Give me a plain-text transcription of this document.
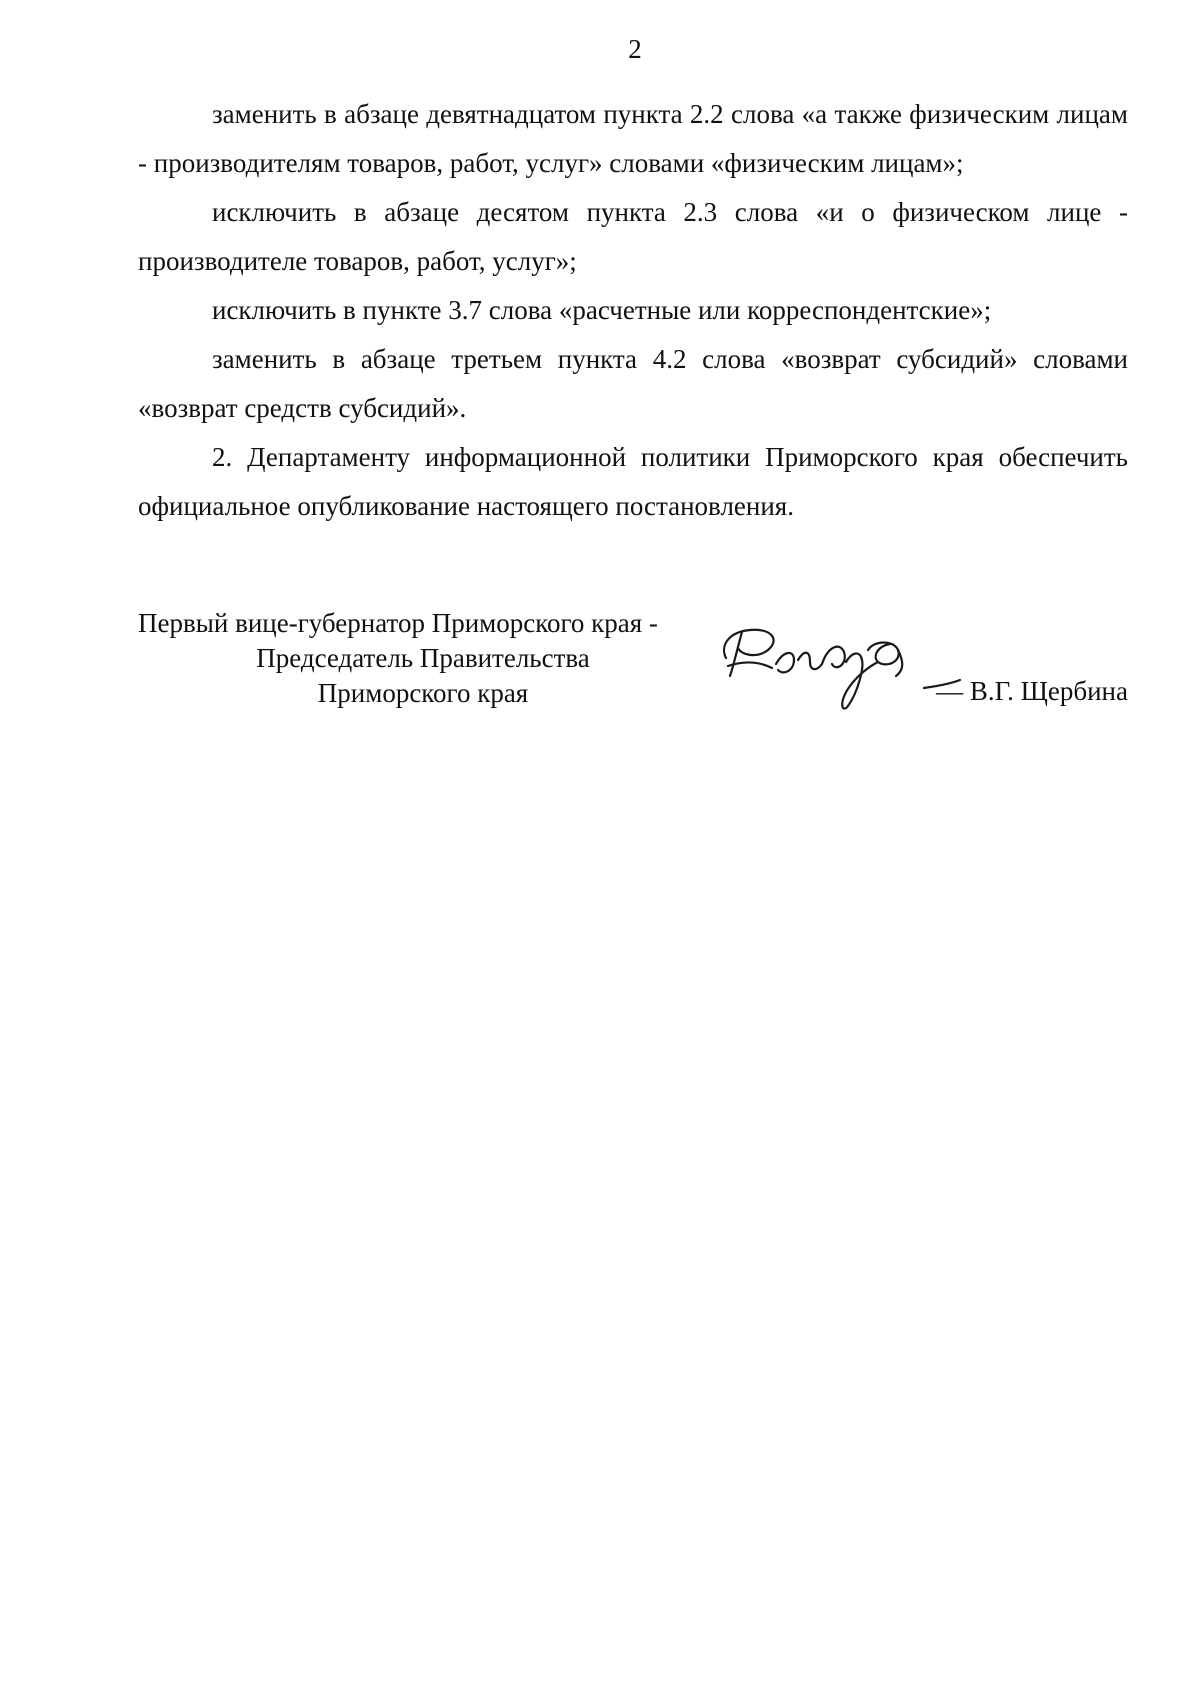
2

заменить в абзаце девятнадцатом пункта 2.2 слова «а также физическим лицам - производителям товаров, работ, услуг» словами «физическим лицам»;

исключить в абзаце десятом пункта 2.3 слова «и о физическом лице - производителе товаров, работ, услуг»;

исключить в пункте 3.7 слова «расчетные или корреспондентские»;

заменить в абзаце третьем пункта 4.2 слова «возврат субсидий» словами «возврат средств субсидий».

2. Департаменту информационной политики Приморского края обеспечить официальное опубликование настоящего постановления.

Первый вице-губернатор Приморского края -
Председатель Правительства
Приморского края	— В.Г. Щербина
